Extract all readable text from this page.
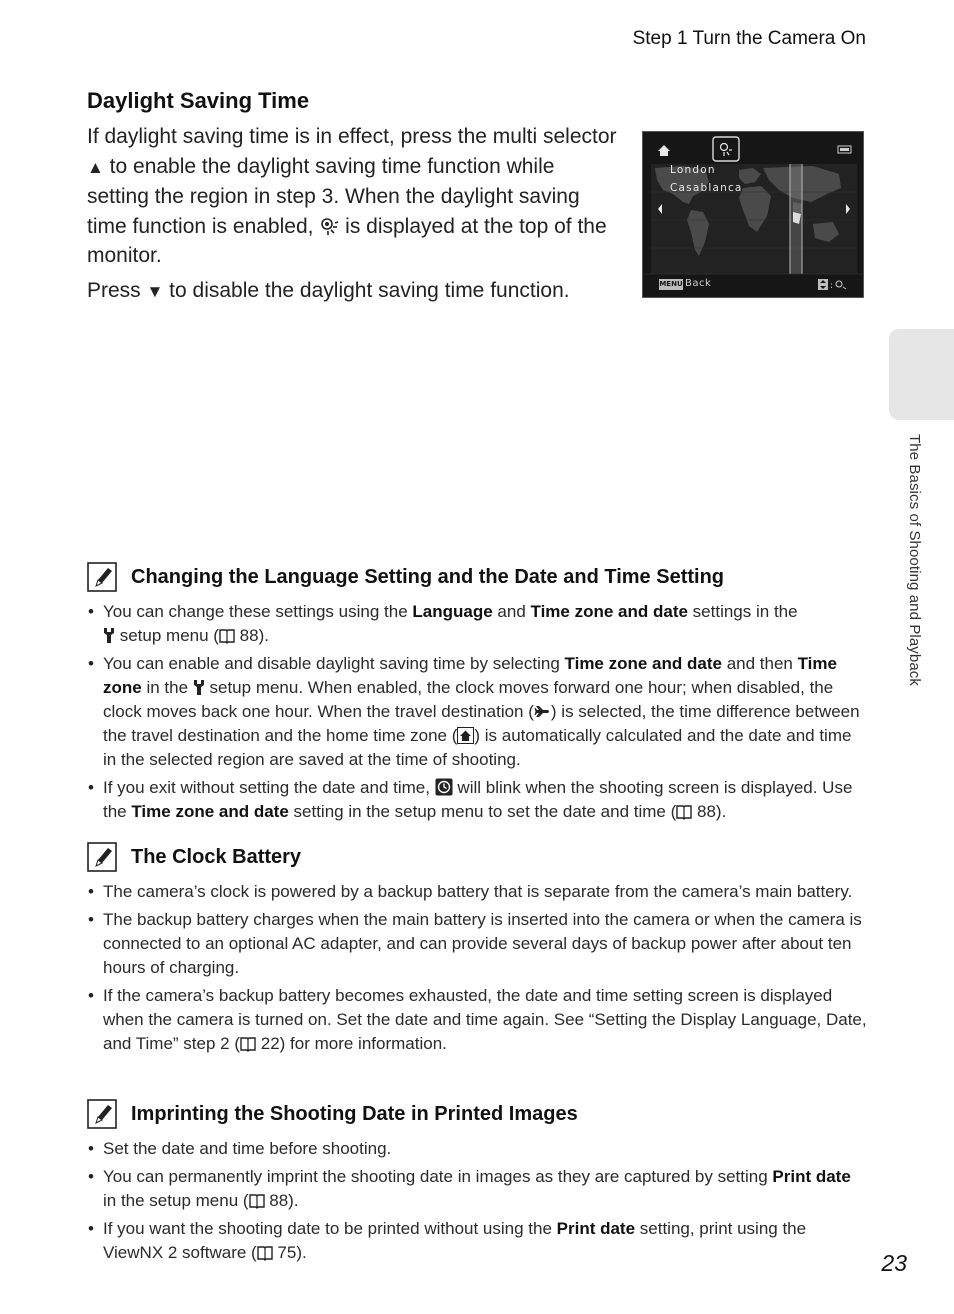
Step 1 Turn the Camera On
Daylight Saving Time

If daylight saving time is in effect, press the multi selector ▲ to enable the daylight saving time function while setting the region in step 3. When the daylight saving time function is enabled,  is displayed at the top of the monitor.

Press ▼ to disable the daylight saving time function.	:
London
Casablanca
MENU Back
The Basics of Shooting and Playback
Changing the Language Setting and the Date and Time Setting
• You can change these settings using the Language and Time zone and date settings in the
setup menu ( 88).
• You can enable and disable daylight saving time by selecting Time zone and date and then Time zone in the  setup menu. When enabled, the clock moves forward one hour; when disabled, the clock moves back one hour. When the travel destination ( ) is selected, the time difference between the travel destination and the home time zone ( ) is automatically calculated and the date and time in the selected region are saved at the time of shooting.
• If you exit without setting the date and time,  will blink when the shooting screen is displayed. Use the Time zone and date setting in the setup menu to set the date and time ( 88).
The Clock Battery
• The camera’s clock is powered by a backup battery that is separate from the camera’s main battery.
• The backup battery charges when the main battery is inserted into the camera or when the camera is connected to an optional AC adapter, and can provide several days of backup power after about ten hours of charging.
• If the camera’s backup battery becomes exhausted, the date and time setting screen is displayed when the camera is turned on. Set the date and time again. See “Setting the Display Language, Date, and Time” step 2 ( 22) for more information.
Imprinting the Shooting Date in Printed Images
• Set the date and time before shooting.
• You can permanently imprint the shooting date in images as they are captured by setting Print date in the setup menu ( 88).
• If you want the shooting date to be printed without using the Print date setting, print using the ViewNX 2 software ( 75).	23
